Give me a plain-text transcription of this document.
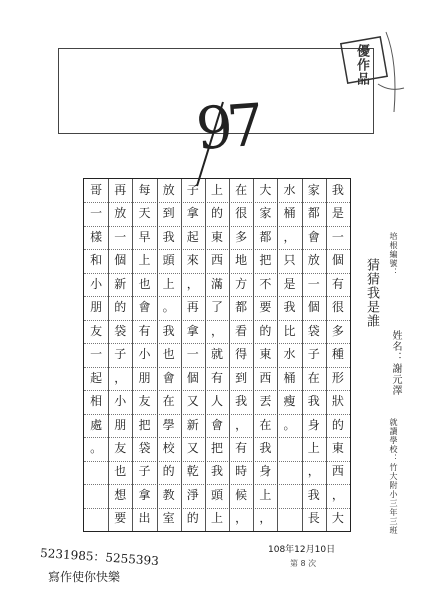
97
優作品
培根編號：
猜猜我是誰
姓名：謝元澤
就讀學校：竹大附小三年三班
我
是
一
個
有
很
多
種
形
狀
的
東
西
，
大
家
都
會
放
一
個
袋
子
在
我
身
上
，
我
長
水
桶
，
只
是
我
比
水
桶
瘦
。
大
家
都
把
不
要
的
東
西
丟
在
我
身
上
，
在
很
多
地
方
都
看
得
到
我
，
有
時
候
，
上
的
東
西
滿
了
，
就
有
人
會
把
我
頭
上
子
拿
起
來
，
再
拿
一
個
又
新
又
乾
淨
的
放
到
我
頭
上
。
我
也
會
在
學
校
的
教
室
每
天
早
上
也
會
有
小
朋
友
把
袋
子
拿
出
再
放
一
個
新
的
袋
子
，
小
朋
友
也
想
要
哥
一
樣
和
小
朋
友
一
起
相
處
。
108年12月10日
第 8 次
5231985：5255393
寫作使你快樂
